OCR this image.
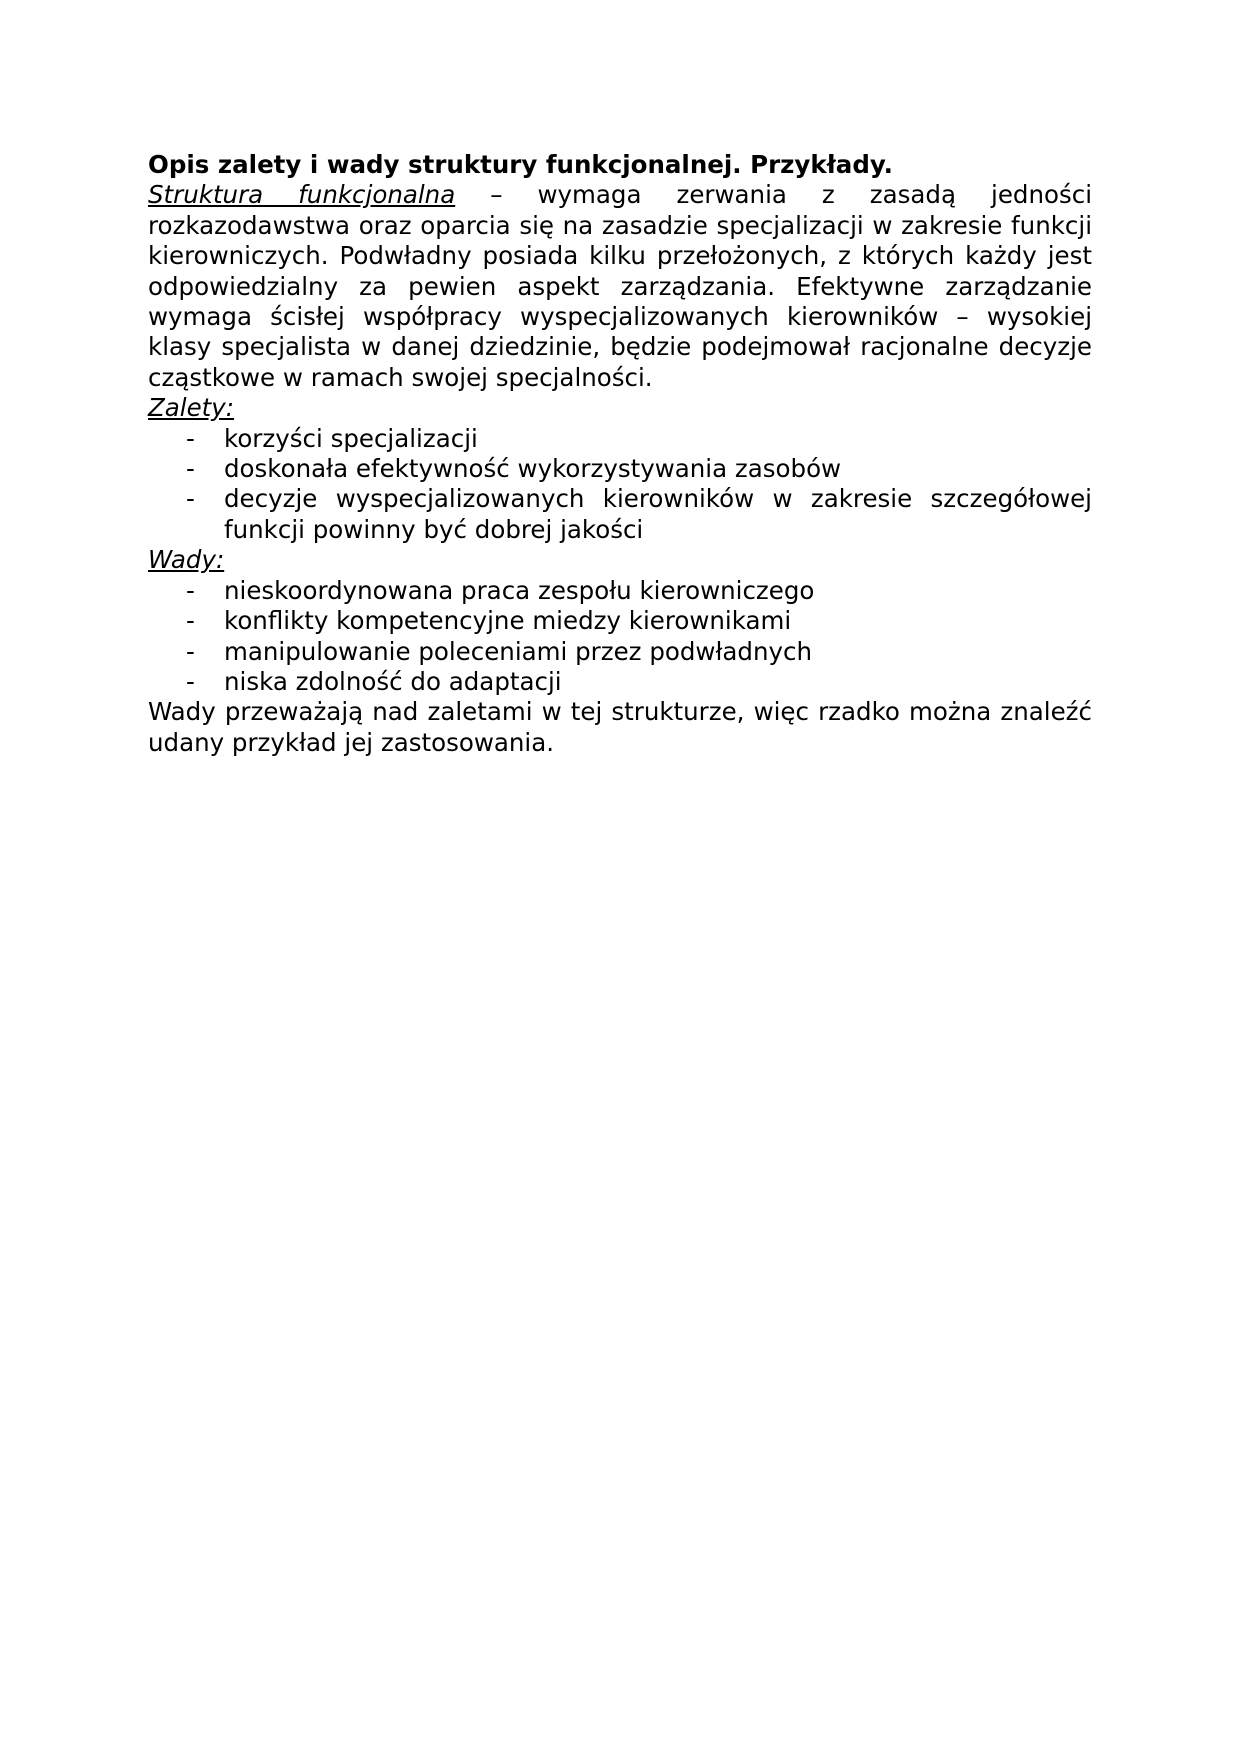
Opis zalety i wady struktury funkcjonalnej. Przykłady.

Struktura funkcjonalna – wymaga zerwania z zasadą jedności rozkazodawstwa oraz oparcia się na zasadzie specjalizacji w zakresie funkcji kierowniczych. Podwładny posiada kilku przełożonych, z których każdy jest odpowiedzialny za pewien aspekt zarządzania. Efektywne zarządzanie wymaga ścisłej współpracy wyspecjalizowanych kierowników – wysokiej klasy specjalista w danej dziedzinie, będzie podejmował racjonalne decyzje cząstkowe w ramach swojej specjalności.

Zalety:

- korzyści specjalizacji
- doskonała efektywność wykorzystywania zasobów
- decyzje wyspecjalizowanych kierowników w zakresie szczegółowej funkcji powinny być dobrej jakości

Wady:

- nieskoordynowana praca zespołu kierowniczego
- konflikty kompetencyjne miedzy kierownikami
- manipulowanie poleceniami przez podwładnych
- niska zdolność do adaptacji

Wady przeważają nad zaletami w tej strukturze, więc rzadko można znaleźć udany przykład jej zastosowania.
